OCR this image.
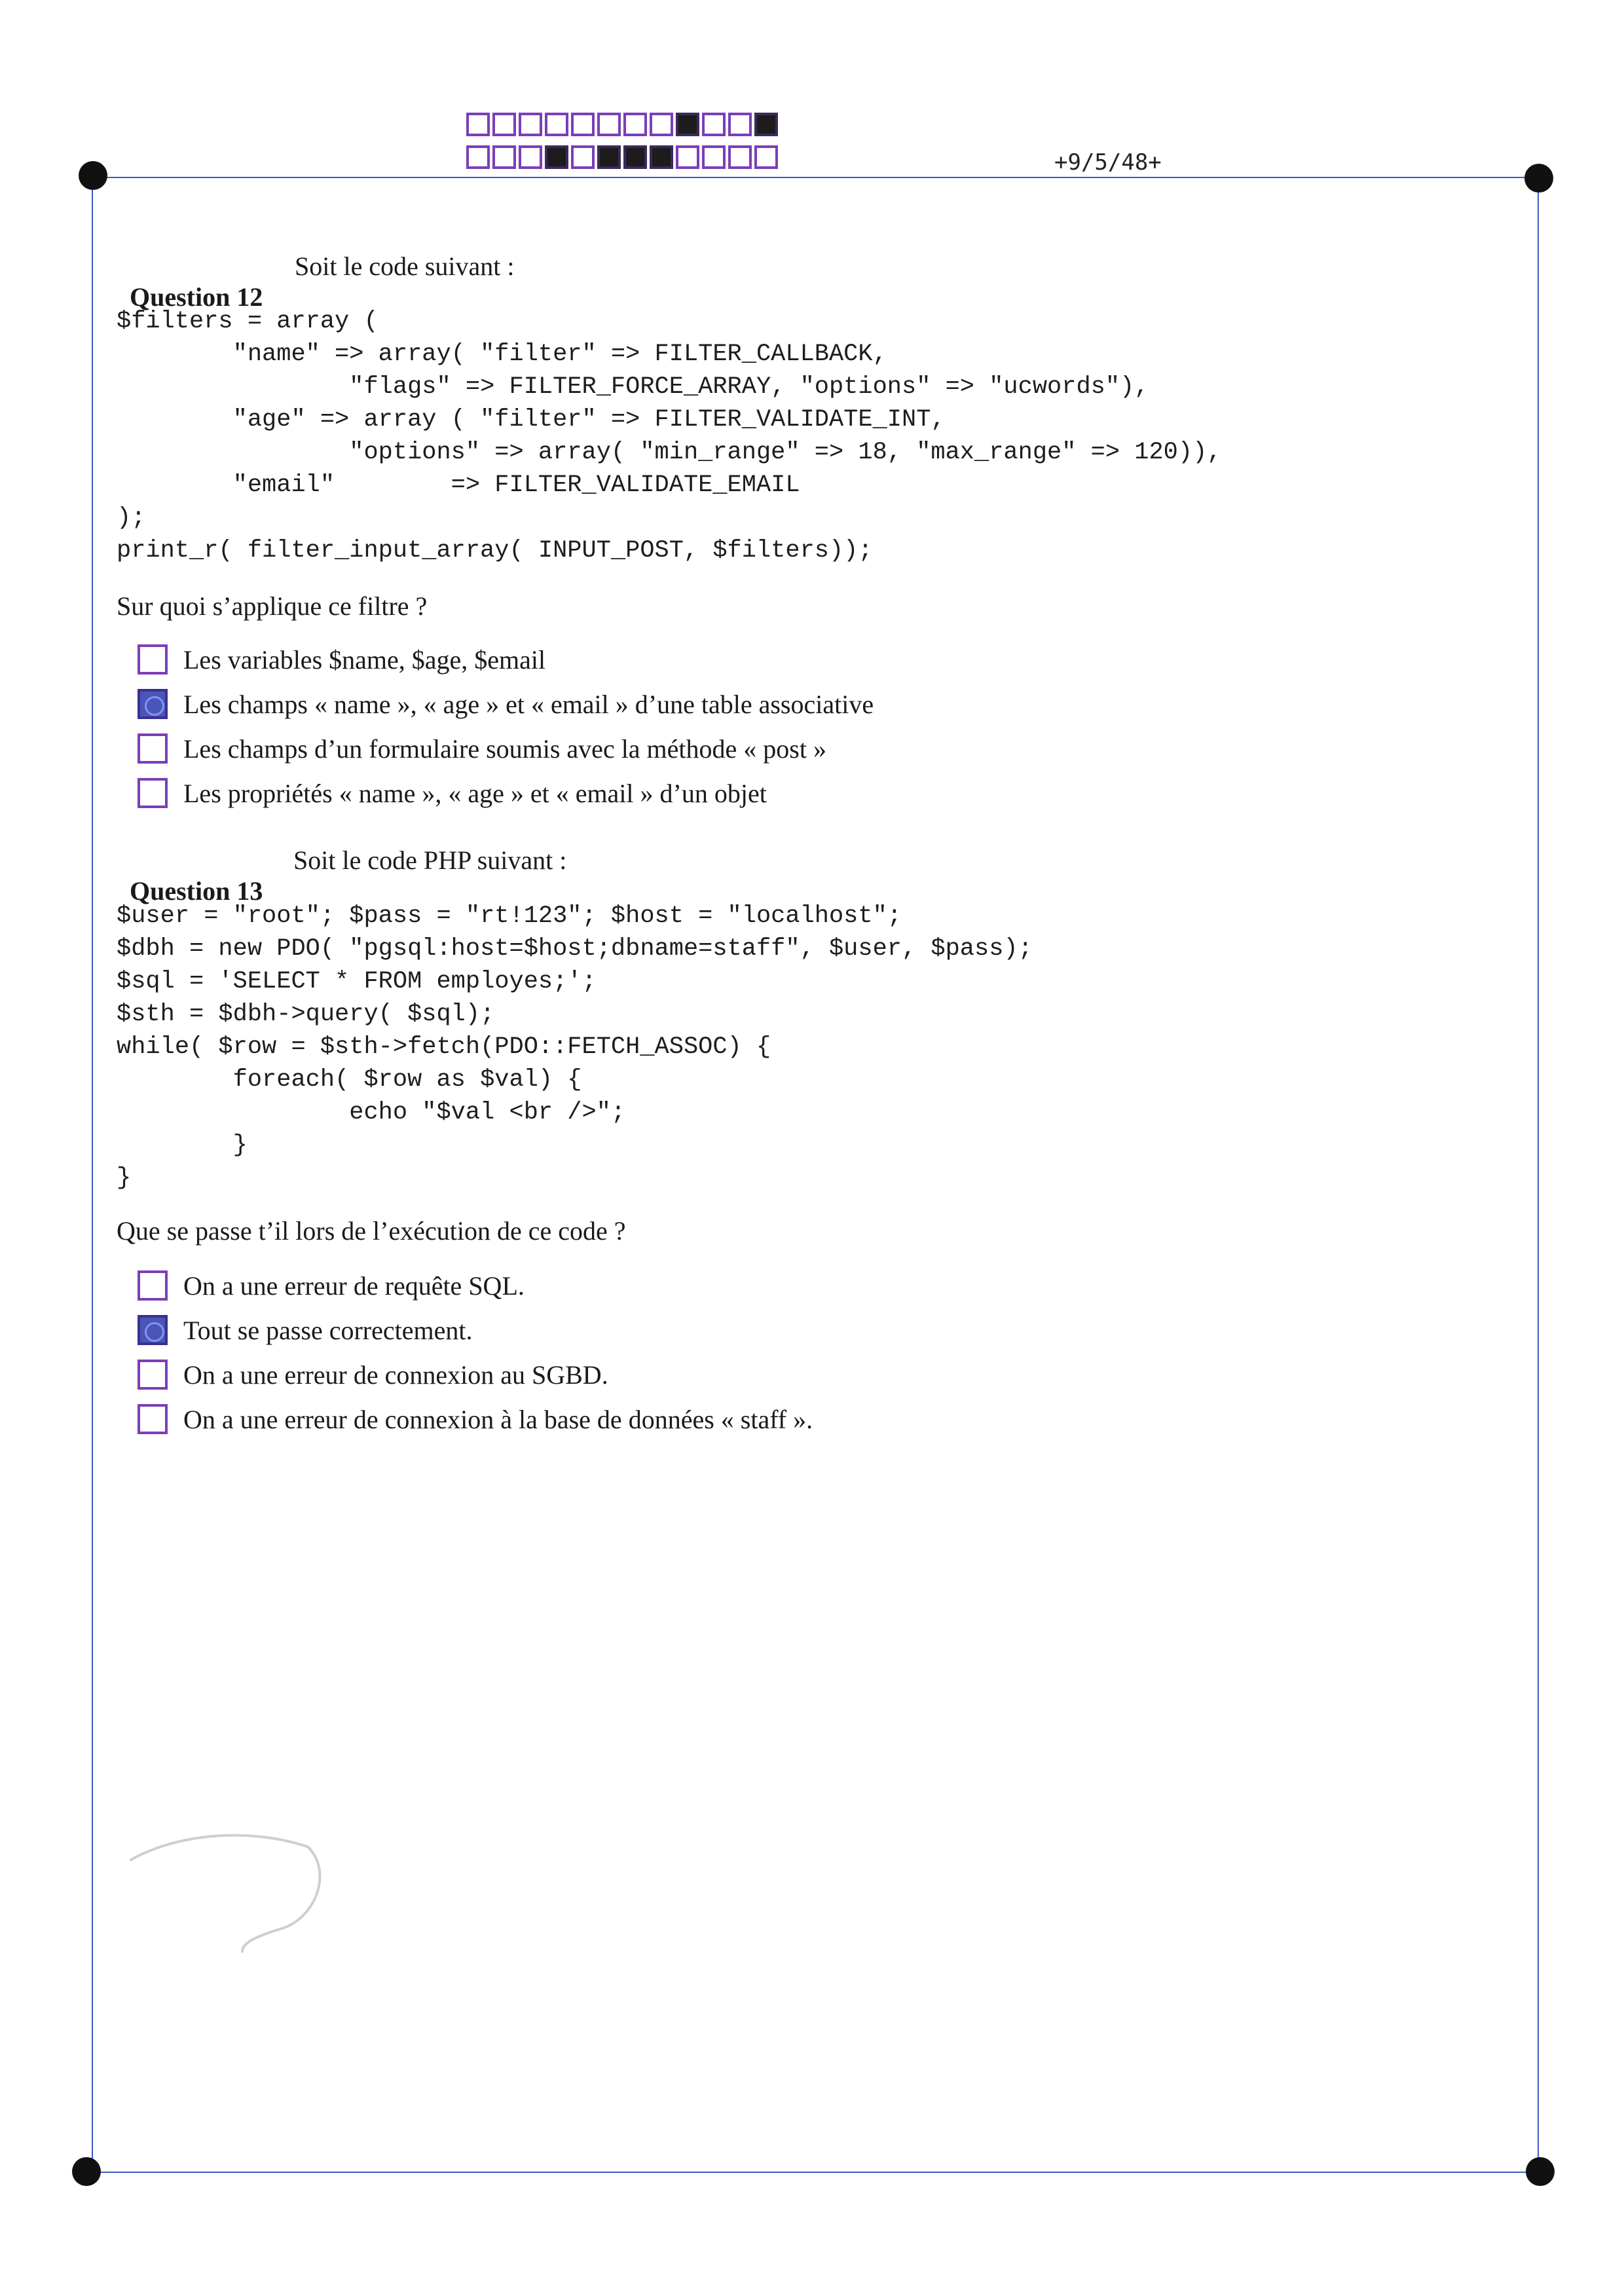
+9/5/48+

Question 12

Soit le code suivant :
$filters = array (
"name" => array( "filter" => FILTER_CALLBACK,
"flags" => FILTER_FORCE_ARRAY, "options" => "ucwords"),
"age" => array ( "filter" => FILTER_VALIDATE_INT,
"options" => array( "min_range" => 18, "max_range" => 120)),
"email"        => FILTER_VALIDATE_EMAIL
);
print_r( filter_input_array( INPUT_POST, $filters));
Sur quoi s’applique ce filtre ?
Les variables $name, $age, $email
Les champs « name », « age » et « email » d’une table associative
Les champs d’un formulaire soumis avec la méthode « post »
Les propriétés « name », « age » et « email » d’un objet

Question 13

Soit le code PHP suivant :
$user = "root"; $pass = "rt!123"; $host = "localhost";
$dbh = new PDO( "pgsql:host=$host;dbname=staff", $user, $pass);
$sql = 'SELECT * FROM employes;';
$sth = $dbh->query( $sql);
while( $row = $sth->fetch(PDO::FETCH_ASSOC) {
foreach( $row as $val) {
echo "$val <br />";
}
}
Que se passe t’il lors de l’exécution de ce code ?
On a une erreur de requête SQL.
Tout se passe correctement.
On a une erreur de connexion au SGBD.
On a une erreur de connexion à la base de données « staff ».
